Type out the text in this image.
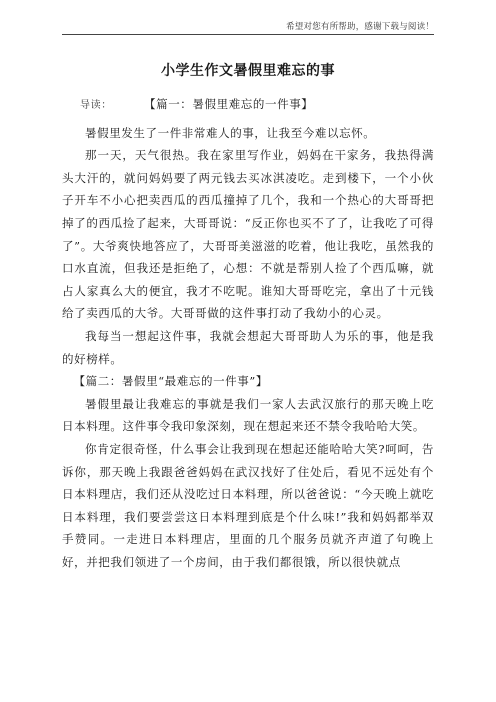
希望对您有所帮助，感谢下载与阅读！
小学生作文暑假里难忘的事
导读：	【篇一：暑假里难忘的一件事】

暑假里发生了一件非常难人的事，让我至今难以忘怀。

那一天，天气很热。我在家里写作业，妈妈在干家务，我热得满头大汗的，就问妈妈要了两元钱去买冰淇凌吃。走到楼下，一个小伙子开车不小心把卖西瓜的西瓜撞掉了几个，我和一个热心的大哥哥把掉了的西瓜捡了起来，大哥哥说：“反正你也买不了了，让我吃了可得了”。大爷爽快地答应了，大哥哥美滋滋的吃着，他让我吃，虽然我的口水直流，但我还是拒绝了，心想：不就是帮别人捡了个西瓜嘛，就占人家真么大的便宜，我才不吃呢。谁知大哥哥吃完，拿出了十元钱给了卖西瓜的大爷。大哥哥做的这件事打动了我幼小的心灵。

我每当一想起这件事，我就会想起大哥哥助人为乐的事，他是我的好榜样。

【篇二：暑假里“最难忘的一件事”】

暑假里最让我难忘的事就是我们一家人去武汉旅行的那天晚上吃日本料理。这件事令我印象深刻，现在想起来还不禁令我哈哈大笑。

你肯定很奇怪，什么事会让我到现在想起还能哈哈大笑?呵呵，告诉你，那天晚上我跟爸爸妈妈在武汉找好了住处后，看见不远处有个日本料理店，我们还从没吃过日本料理，所以爸爸说：“今天晚上就吃日本料理，我们要尝尝这日本料理到底是个什么味!”我和妈妈都举双手赞同。一走进日本料理店，里面的几个服务员就齐声道了句晚上好，并把我们领进了一个房间，由于我们都很饿，所以很快就点
